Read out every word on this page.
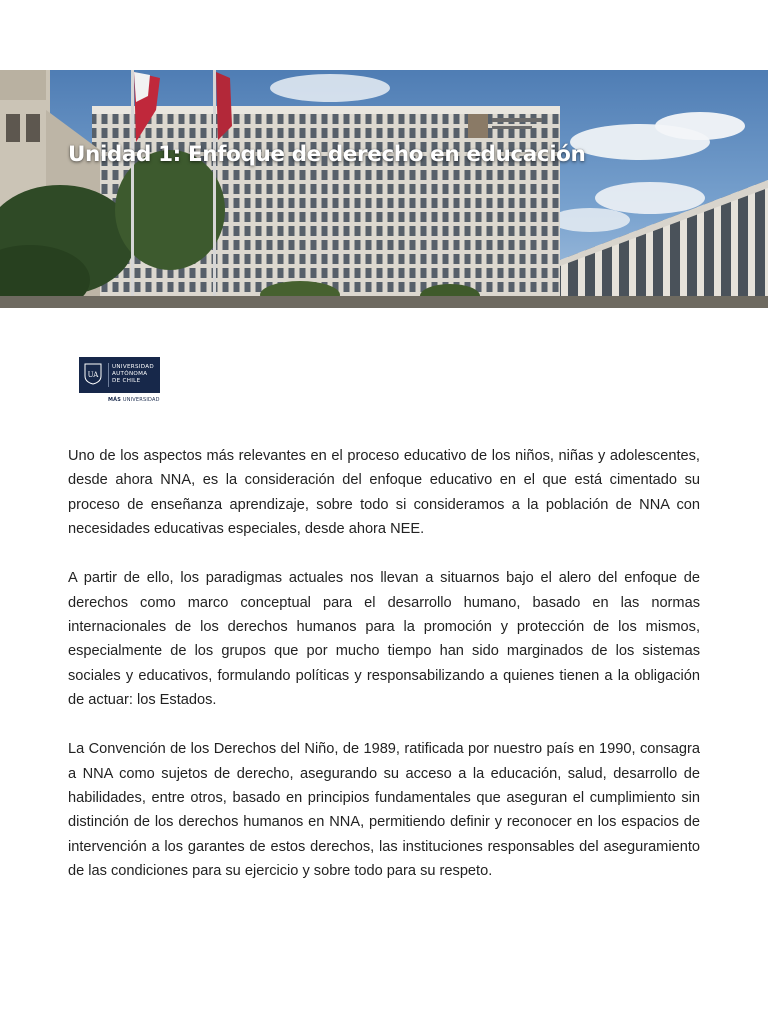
Unidad 1: Enfoque de derecho en educación
UA
UNIVERSIDAD
AUTÓNOMA
DE CHILE
MÁS UNIVERSIDAD

Uno de los aspectos más relevantes en el proceso educativo de los niños, niñas y adolescentes, desde ahora NNA, es la consideración del enfoque educativo en el que está cimentado su proceso de enseñanza aprendizaje, sobre todo si consideramos a la población de NNA con necesidades educativas especiales, desde ahora NEE.

A partir de ello, los paradigmas actuales nos llevan a situarnos bajo el alero del enfoque de derechos como marco conceptual para el desarrollo humano, basado en las normas internacionales de los derechos humanos para la promoción y protección de los mismos, especialmente de los grupos que por mucho tiempo han sido marginados de los sistemas sociales y educativos, formulando políticas y responsabilizando a quienes tienen a la obligación de actuar: los Estados.

La Convención de los Derechos del Niño, de 1989, ratificada por nuestro país en 1990, consagra a NNA como sujetos de derecho, asegurando su acceso a la educación, salud, desarrollo de habilidades, entre otros, basado en principios fundamentales que aseguran el cumplimiento sin distinción de los derechos humanos en NNA, permitiendo definir y reconocer en los espacios de intervención a los garantes de estos derechos, las instituciones responsables del aseguramiento de las condiciones para su ejercicio y sobre todo para su respeto.
